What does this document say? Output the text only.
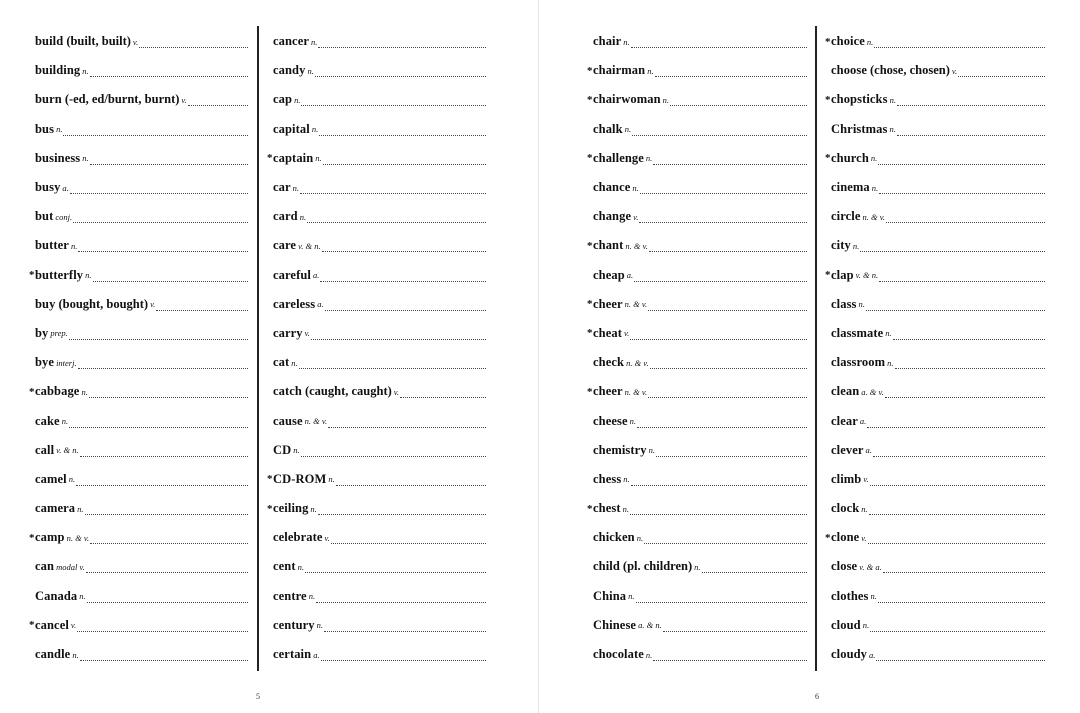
build (built, built) v.
building n.
burn (-ed, ed/burnt, burnt) v.
bus n.
business n.
busy a.
but conj.
butter n.
* butterfly n.
buy (bought, bought) v.
by prep.
bye interj.
* cabbage n.
cake n.
call v. & n.
camel n.
camera n.
* camp n. & v.
can modal v.
Canada n.
* cancel v.
candle n.
cancer n.
candy n.
cap n.
capital n.
* captain n.
car n.
card n.
care v. & n.
careful a.
careless a.
carry v.
cat n.
catch (caught, caught) v.
cause n. & v.
CD n.
* CD-ROM n.
* ceiling n.
celebrate v.
cent n.
centre n.
century n.
certain a.
5
chair n.
* chairman n.
* chairwoman n.
chalk n.
* challenge n.
chance n.
change v.
* chant n. & v.
cheap a.
* cheer n. & v.
* cheat v.
check n. & v.
* cheer n. & v.
cheese n.
chemistry n.
chess n.
* chest n.
chicken n.
child (pl. children) n.
China n.
Chinese a. & n.
chocolate n.
* choice n.
choose (chose, chosen) v.
* chopsticks n.
Christmas n.
* church n.
cinema n.
circle n. & v.
city n.
* clap v. & n.
class n.
classmate n.
classroom n.
clean a. & v.
clear a.
clever a.
climb v.
clock n.
* clone v.
close v. & a.
clothes n.
cloud n.
cloudy a.
6
